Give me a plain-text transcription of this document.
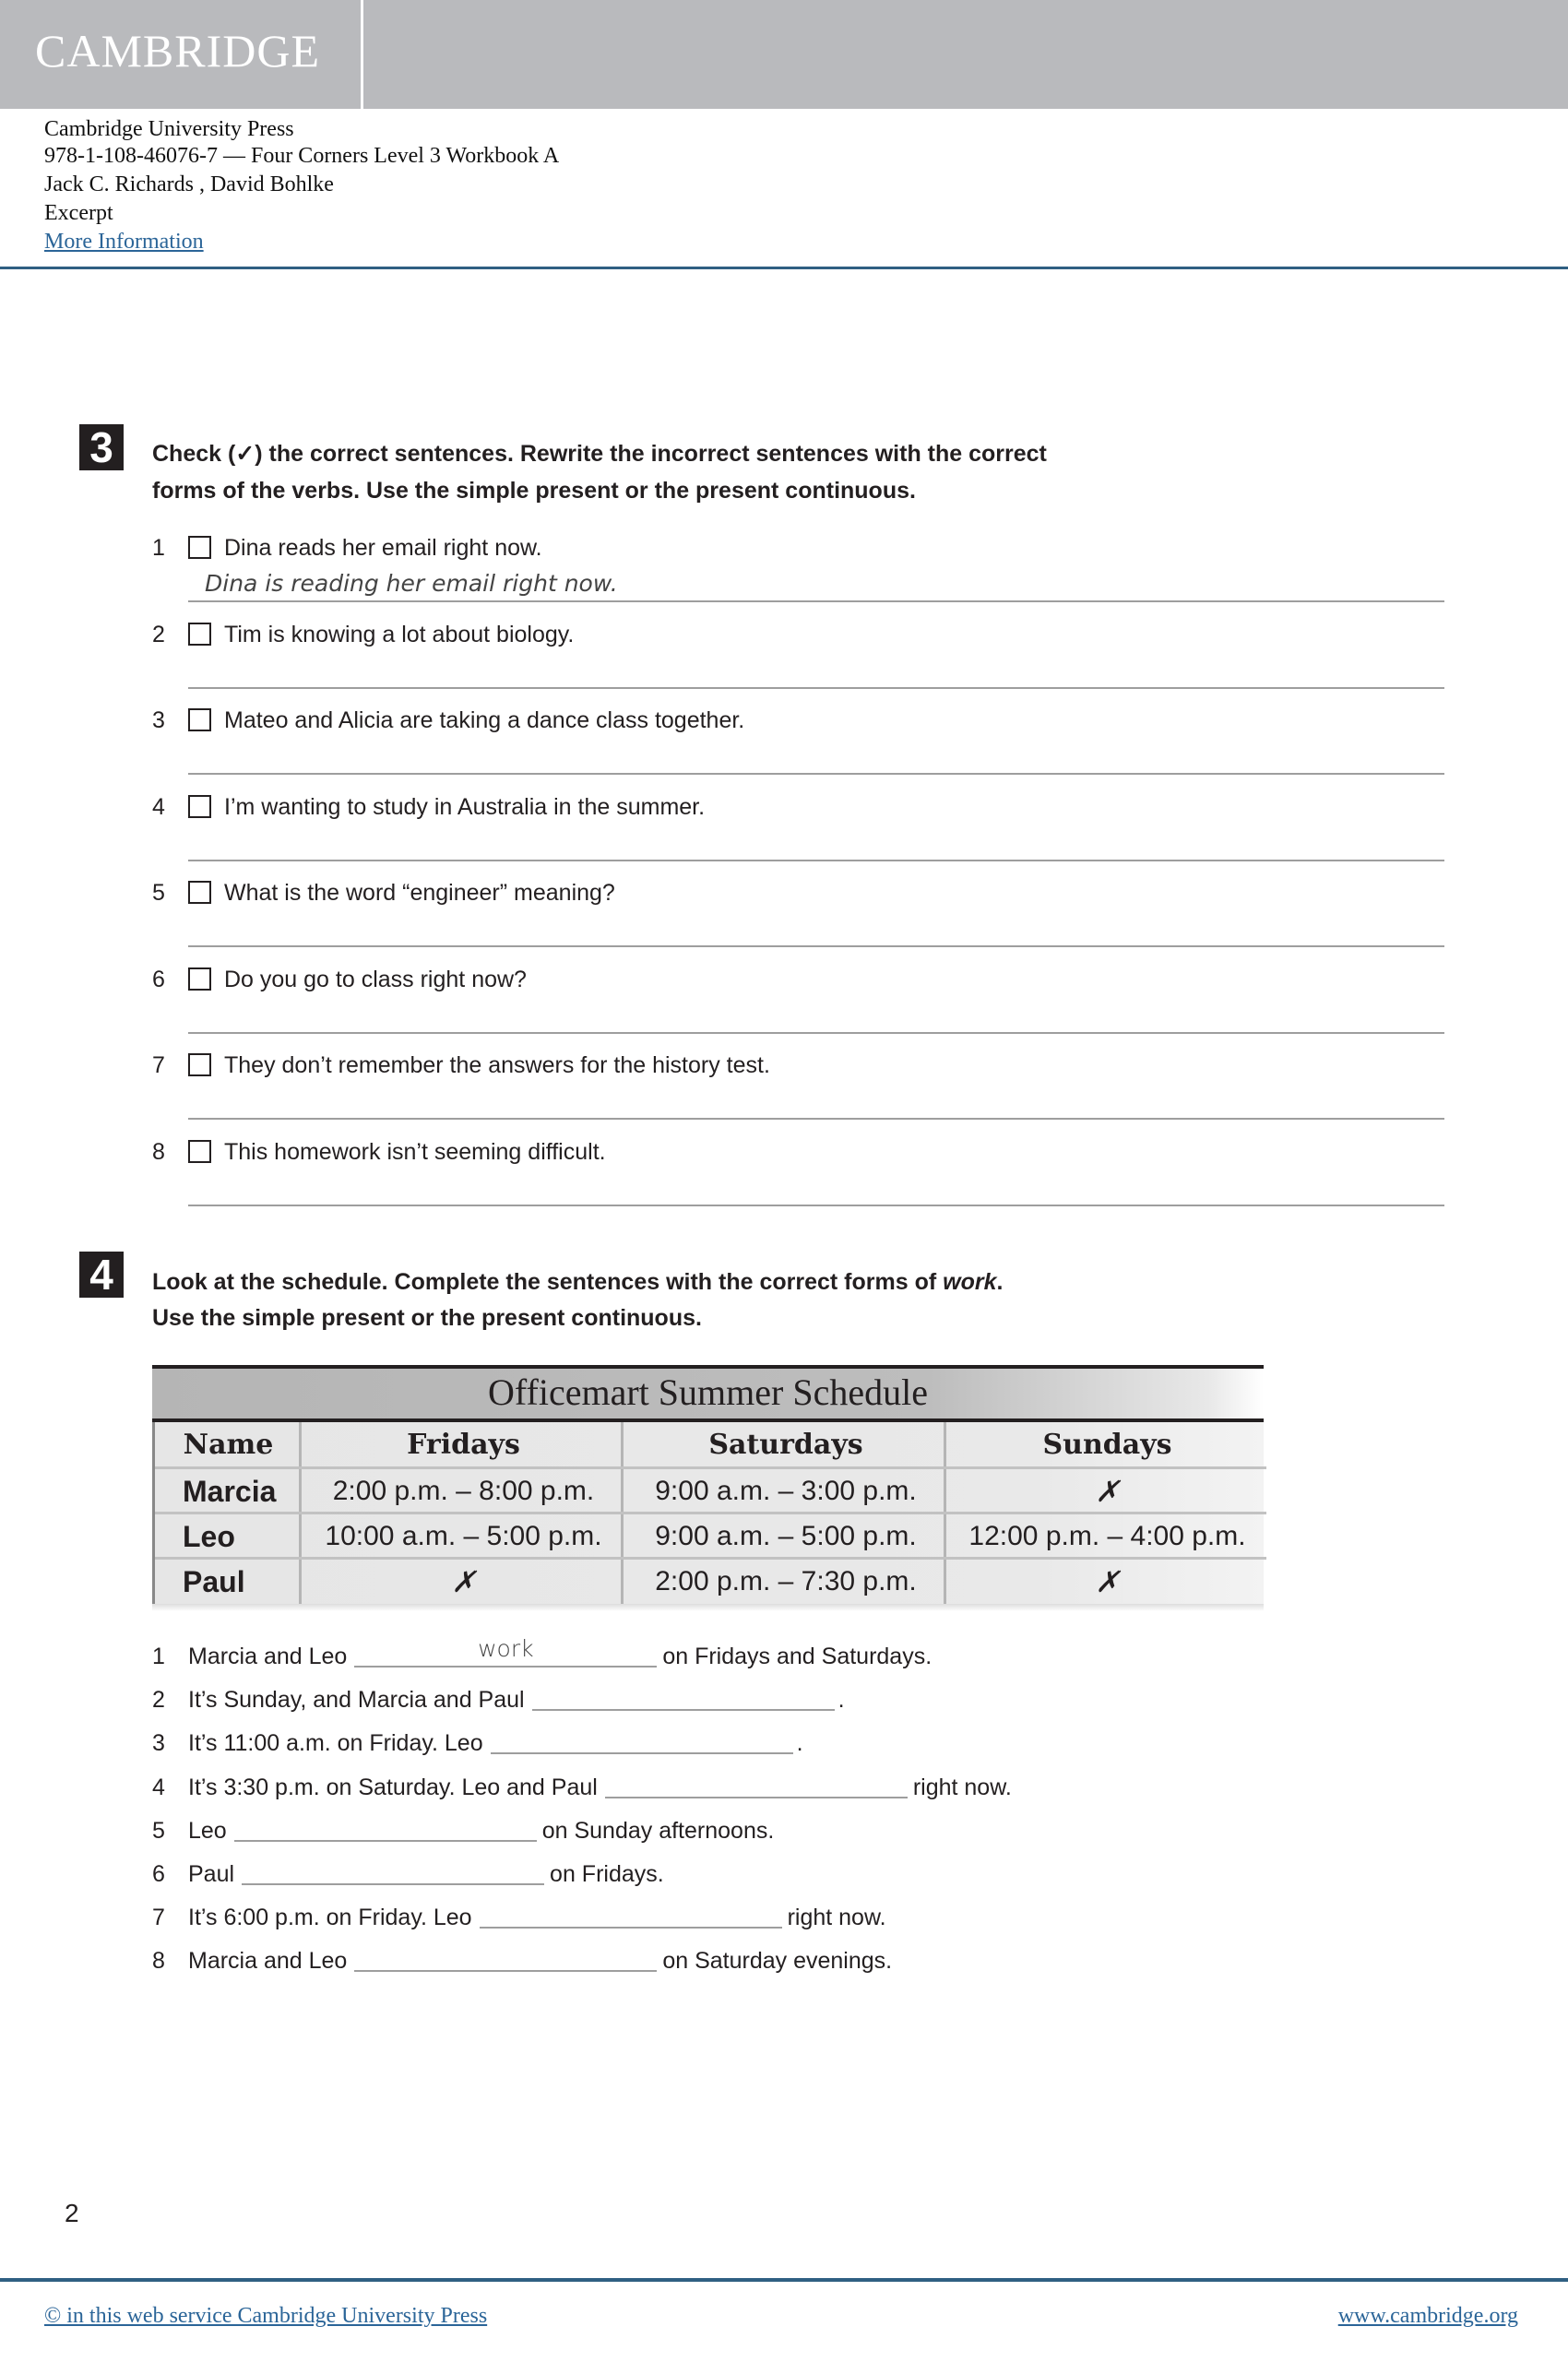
CAMBRIDGE
Cambridge University Press
978-1-108-46076-7 — Four Corners Level 3 Workbook A
Jack C. Richards , David Bohlke
Excerpt
More Information
3	Check (✓) the correct sentences. Rewrite the incorrect sentences with the correct
forms of the verbs. Use the simple present or the present continuous.
1	Dina reads her email right now.
Dina is reading her email right now.
2	Tim is knowing a lot about biology.
3	Mateo and Alicia are taking a dance class together.
4	I’m wanting to study in Australia in the summer.
5	What is the word “engineer” meaning?
6	Do you go to class right now?
7	They don’t remember the answers for the history test.
8	This homework isn’t seeming difficult.
4	Look at the schedule. Complete the sentences with the correct forms of work.
Use the simple present or the present continuous.
Officemart Summer Schedule
Name	Fridays	Saturdays	Sundays
Marcia	2:00 p.m. – 8:00 p.m.	9:00 a.m. – 3:00 p.m.	✗
Leo	10:00 a.m. – 5:00 p.m.	9:00 a.m. – 5:00 p.m.	12:00 p.m. – 4:00 p.m.
Paul	✗	2:00 p.m. – 7:30 p.m.	✗
1 Marcia and Leo	work	on Fridays and Saturdays.
2 It’s Sunday, and Marcia and Paul	.
3 It’s 11:00 a.m. on Friday. Leo	.
4 It’s 3:30 p.m. on Saturday. Leo and Paul	right now.
5 Leo	on Sunday afternoons.
6 Paul	on Fridays.
7 It’s 6:00 p.m. on Friday. Leo	right now.
8 Marcia and Leo	on Saturday evenings.
2
© in this web service Cambridge University Press	www.cambridge.org
